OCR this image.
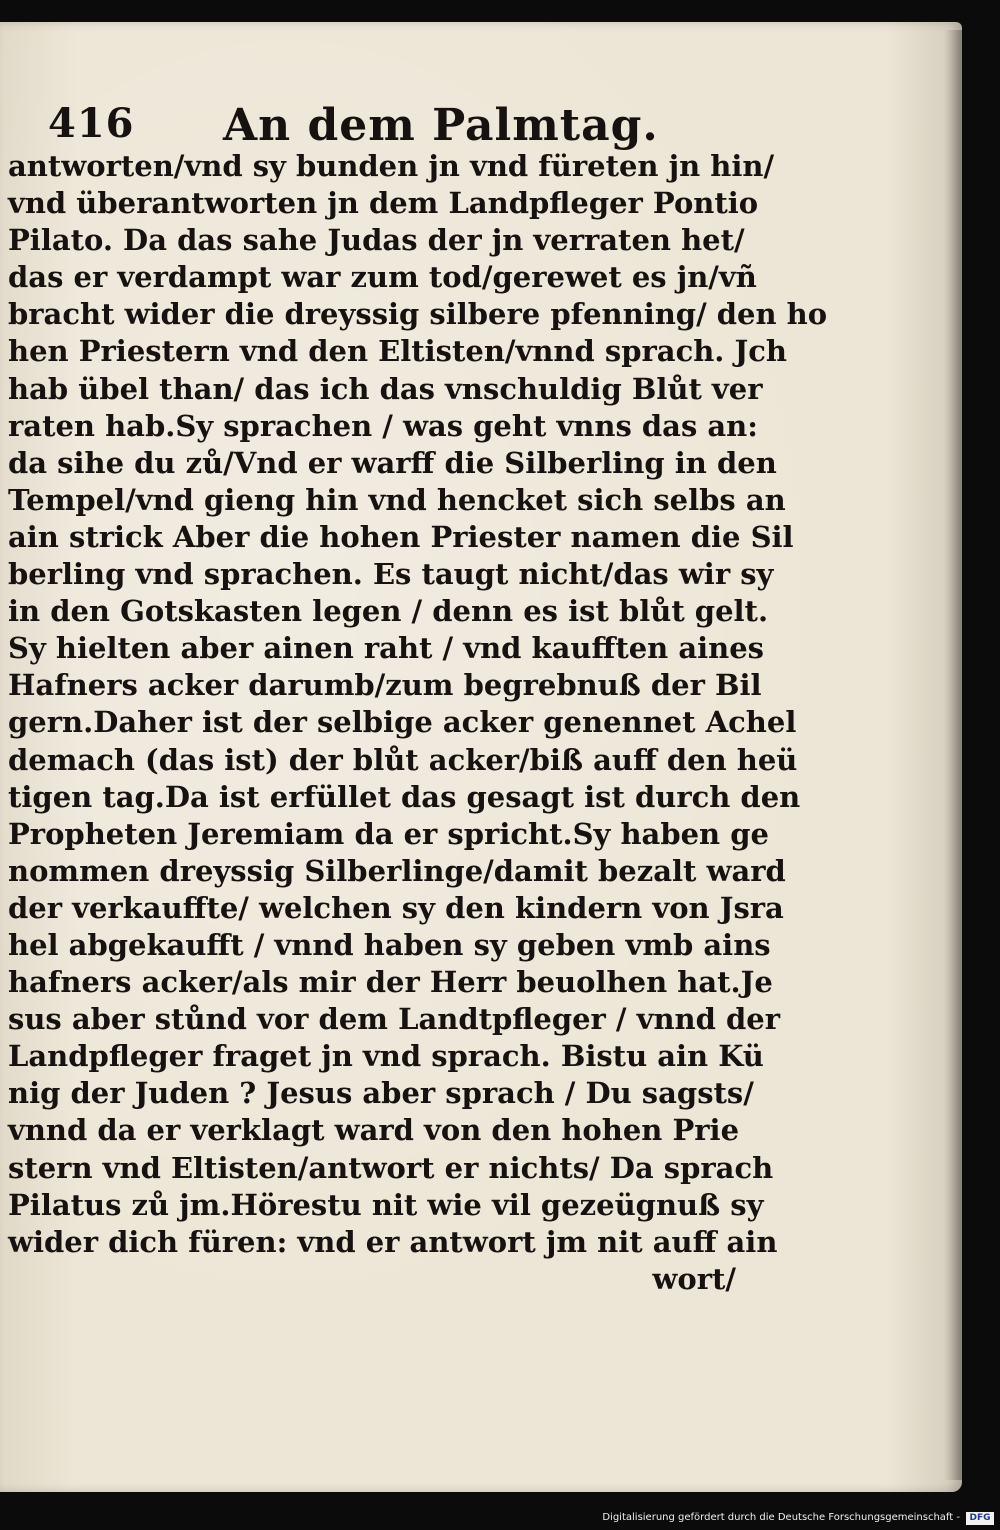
416 An dem Palmtag.
antworten/vnd sy bunden jn vnd füreten jn hin/
vnd überantworten jn dem Landpfleger Pontio
Pilato. Da das sahe Judas der jn verraten het/
das er verdampt war zum tod/gerewet es jn/vñ
bracht wider die dreyssig silbere pfenning/ den ho
hen Priestern vnd den Eltisten/vnnd sprach. Jch
hab übel than/ das ich das vnschuldig Blůt ver
raten hab.Sy sprachen / was geht vnns das an:
da sihe du zů/Vnd er warff die Silberling in den
Tempel/vnd gieng hin vnd hencket sich selbs an
ain strick Aber die hohen Priester namen die Sil
berling vnd sprachen. Es taugt nicht/das wir sy
in den Gotskasten legen / denn es ist blůt gelt.
Sy hielten aber ainen raht / vnd kaufften aines
Hafners acker darumb/zum begrebnuß der Bil
gern.Daher ist der selbige acker genennet Achel
demach (das ist) der blůt acker/biß auff den heü
tigen tag.Da ist erfüllet das gesagt ist durch den
Propheten Jeremiam da er spricht.Sy haben ge
nommen dreyssig Silberlinge/damit bezalt ward
der verkauffte/ welchen sy den kindern von Jsra
hel abgekaufft / vnnd haben sy geben vmb ains
hafners acker/als mir der Herr beuolhen hat.Je
sus aber stůnd vor dem Landtpfleger / vnnd der
Landpfleger fraget jn vnd sprach. Bistu ain Kü
nig der Juden ? Jesus aber sprach / Du sagsts/
vnnd da er verklagt ward von den hohen Prie
stern vnd Eltisten/antwort er nichts/ Da sprach
Pilatus zů jm.Hörestu nit wie vil gezeügnuß sy
wider dich füren: vnd er antwort jm nit auff ain
wort/
Digitalisierung gefördert durch die Deutsche Forschungsgemeinschaft -	DFG
